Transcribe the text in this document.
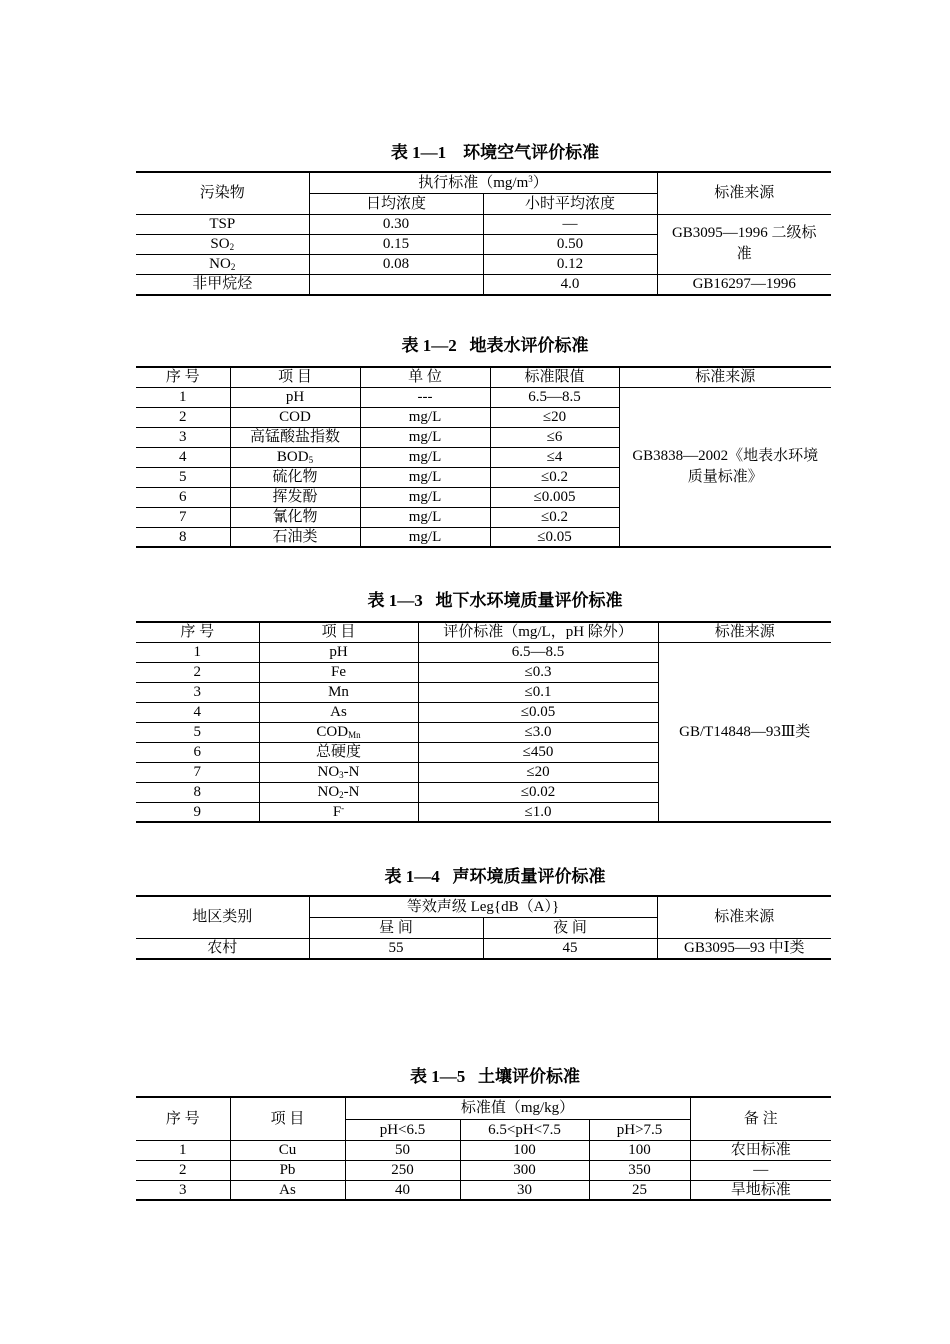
表 1—1    环境空气评价标准
污染物	执行标准$(mg/m^3)$		标准来源
	日均浓度	小时平均浓度	
TSP	0.30	—	GB3095—1996 二级标准
$SO_2$	0.15	0.50	
$NO_2$	0.08	0.12	
非甲烷烃		4.0	GB16297—1996
表 1—2   地表水评价标准
序 号	项 目	单 位	标准限值	标准来源
1	pH	---	6.5—8.5	GB3838—2002《地表水环境质量标准》
2	COD	mg/L	≤20	
3	高锰酸盐指数	mg/L	≤6	
4	$BOD_5$	mg/L	≤4	
5	硫化物	mg/L	≤0.2	
6	挥发酚	mg/L	≤0.005	
7	氰化物	mg/L	≤0.2	
8	石油类	mg/L	≤0.05	
表 1—3   地下水环境质量评价标准
序 号	项 目	评价标准（mg/L，pH 除外）	标准来源
1	pH	6.5—8.5	GB/T14848—93Ⅲ类
2	Fe	≤0.3	
3	Mn	≤0.1	
4	As	≤0.05	
5	$COD_{Mn}$	≤3.0	
6	总硬度	≤450	
7	$NO_3-N$	≤20	
8	$NO_2-N$	≤0.02	
9	F-	≤1.0	
表 1—4   声环境质量评价标准
地区类别	等效声级 Leg{dB（A）}		标准来源
	昼 间	夜 间	
农村	55	45	GB3095—93 中Ⅰ类
表 1—5   土壤评价标准
序 号	项 目	标准值（mg/kg）			备 注
		pH<6.5	6.5<pH<7.5	pH>7.5	
1	Cu	50	100	100	农田标准
2	Pb	250	300	350	—
3	As	40	30	25	旱地标准
